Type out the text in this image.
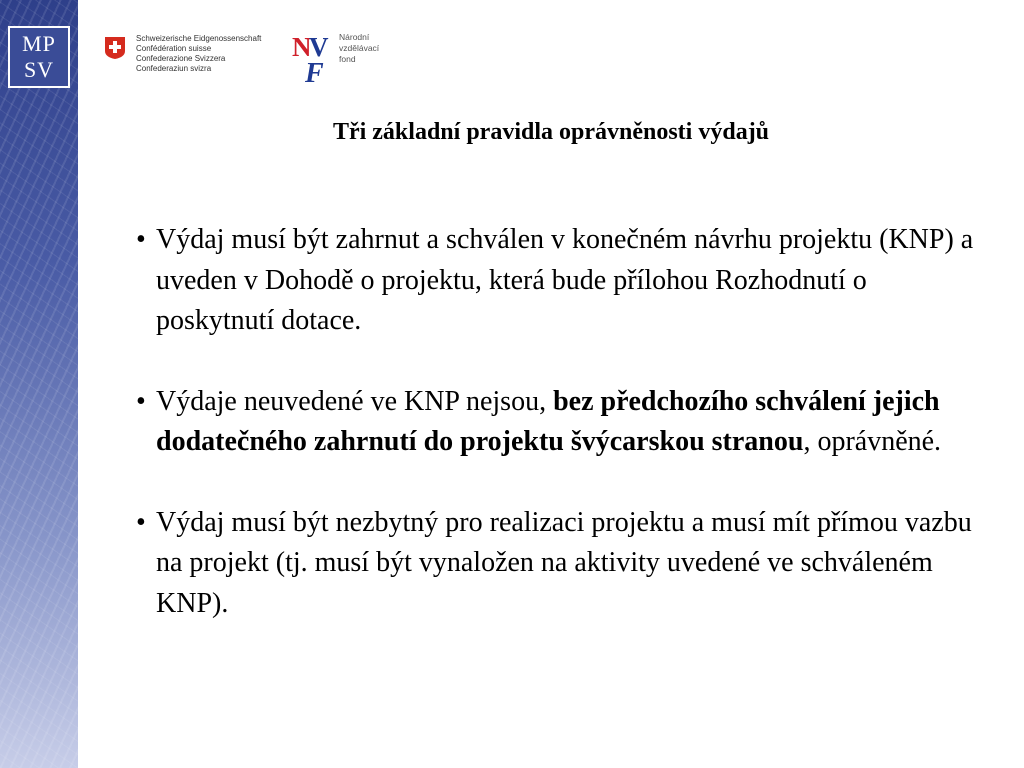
MP
SV
Schweizerische Eidgenossenschaft
Confédération suisse
Confederazione Svizzera
Confederaziun svizra
N
V
F
Národní
vzdělávací
fond
Tři základní pravidla oprávněnosti výdajů
• Výdaj musí být zahrnut a schválen v konečném návrhu projektu (KNP) a uveden v Dohodě o projektu, která bude přílohou Rozhodnutí o poskytnutí dotace.
• Výdaje neuvedené ve KNP nejsou, bez předchozího schválení jejich dodatečného zahrnutí do projektu švýcarskou stranou, oprávněné.
• Výdaj musí být nezbytný pro realizaci projektu a musí mít přímou vazbu na projekt (tj. musí být vynaložen na aktivity uvedené ve schváleném KNP).
